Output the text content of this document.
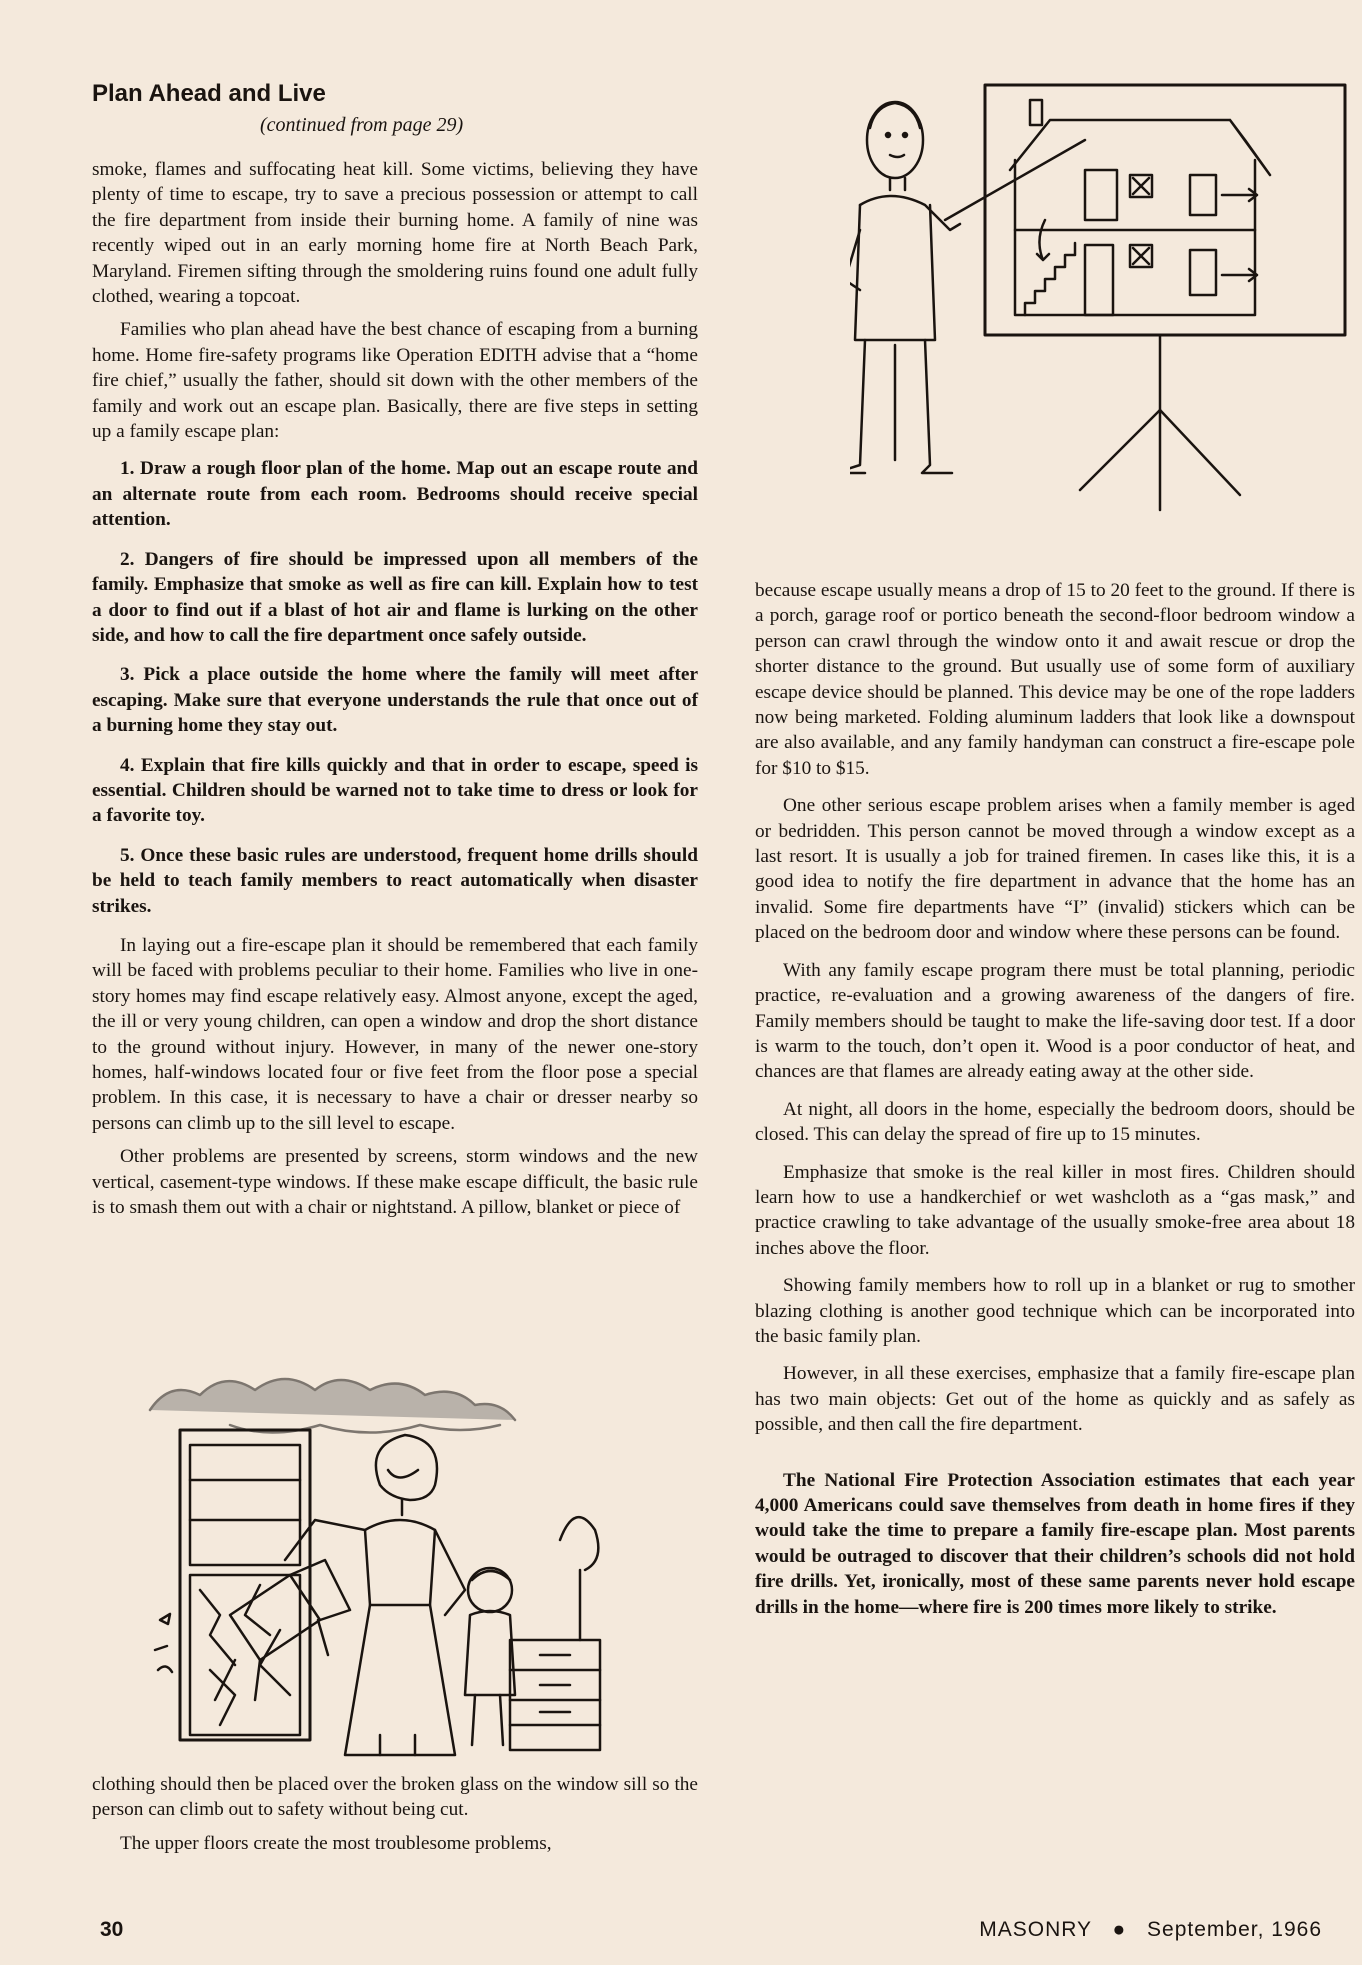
Plan Ahead and Live
(continued from page 29)

smoke, flames and suffocating heat kill. Some victims, believing they have plenty of time to escape, try to save a precious possession or attempt to call the fire department from inside their burning home. A family of nine was recently wiped out in an early morning home fire at North Beach Park, Maryland. Firemen sifting through the smoldering ruins found one adult fully clothed, wearing a topcoat.

Families who plan ahead have the best chance of escaping from a burning home. Home fire-safety programs like Operation EDITH advise that a “home fire chief,” usually the father, should sit down with the other members of the family and work out an escape plan. Basically, there are five steps in setting up a family escape plan:

1. Draw a rough floor plan of the home. Map out an escape route and an alternate route from each room. Bedrooms should receive special attention.

2. Dangers of fire should be impressed upon all members of the family. Emphasize that smoke as well as fire can kill. Explain how to test a door to find out if a blast of hot air and flame is lurking on the other side, and how to call the fire department once safely outside.

3. Pick a place outside the home where the family will meet after escaping. Make sure that everyone understands the rule that once out of a burning home they stay out.

4. Explain that fire kills quickly and that in order to escape, speed is essential. Children should be warned not to take time to dress or look for a favorite toy.

5. Once these basic rules are understood, frequent home drills should be held to teach family members to react automatically when disaster strikes.

In laying out a fire-escape plan it should be remembered that each family will be faced with problems peculiar to their home. Families who live in one-story homes may find escape relatively easy. Almost anyone, except the aged, the ill or very young children, can open a window and drop the short distance to the ground without injury. However, in many of the newer one-story homes, half-windows located four or five feet from the floor pose a special problem. In this case, it is necessary to have a chair or dresser nearby so persons can climb up to the sill level to escape.

Other problems are presented by screens, storm windows and the new vertical, casement-type windows. If these make escape difficult, the basic rule is to smash them out with a chair or nightstand. A pillow, blanket or piece of

clothing should then be placed over the broken glass on the window sill so the person can climb out to safety without being cut.

The upper floors create the most troublesome problems,

because escape usually means a drop of 15 to 20 feet to the ground. If there is a porch, garage roof or portico beneath the second-floor bedroom window a person can crawl through the window onto it and await rescue or drop the shorter distance to the ground. But usually use of some form of auxiliary escape device should be planned. This device may be one of the rope ladders now being marketed. Folding aluminum ladders that look like a downspout are also available, and any family handyman can construct a fire-escape pole for $10 to $15.

One other serious escape problem arises when a family member is aged or bedridden. This person cannot be moved through a window except as a last resort. It is usually a job for trained firemen. In cases like this, it is a good idea to notify the fire department in advance that the home has an invalid. Some fire departments have “I” (invalid) stickers which can be placed on the bedroom door and window where these persons can be found.

With any family escape program there must be total planning, periodic practice, re-evaluation and a growing awareness of the dangers of fire. Family members should be taught to make the life-saving door test. If a door is warm to the touch, don’t open it. Wood is a poor conductor of heat, and chances are that flames are already eating away at the other side.

At night, all doors in the home, especially the bedroom doors, should be closed. This can delay the spread of fire up to 15 minutes.

Emphasize that smoke is the real killer in most fires. Children should learn how to use a handkerchief or wet washcloth as a “gas mask,” and practice crawling to take advantage of the usually smoke-free area about 18 inches above the floor.

Showing family members how to roll up in a blanket or rug to smother blazing clothing is another good technique which can be incorporated into the basic family plan.

However, in all these exercises, emphasize that a family fire-escape plan has two main objects: Get out of the home as quickly and as safely as possible, and then call the fire department.

The National Fire Protection Association estimates that each year 4,000 Americans could save themselves from death in home fires if they would take the time to prepare a family fire-escape plan. Most parents would be outraged to discover that their children’s schools did not hold fire drills. Yet, ironically, most of these same parents never hold escape drills in the home—where fire is 200 times more likely to strike.

30	MASONRY ● September, 1966
